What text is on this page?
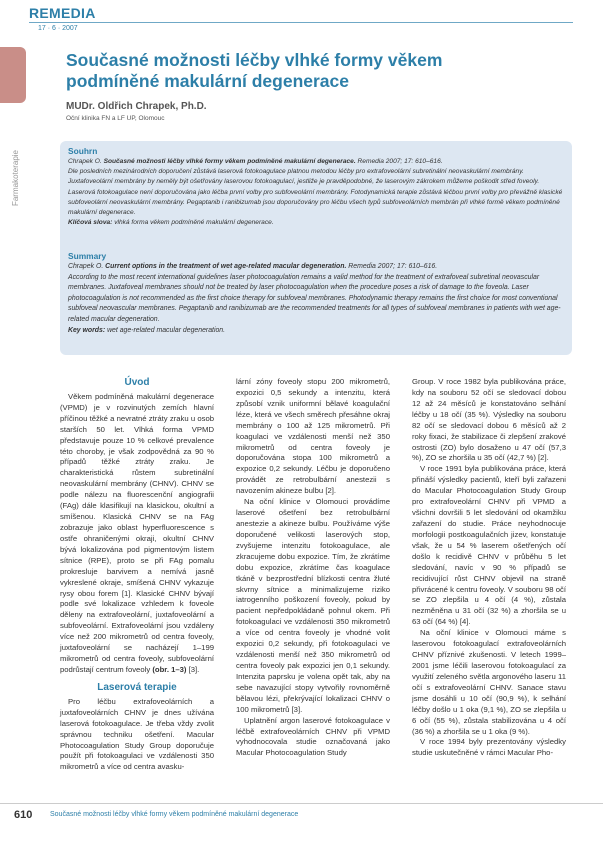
REMEDIA
17 · 6 · 2007
Farmakoterapie
Současné možnosti léčby vlhké formy věkem podmíněné makulární degenerace
MUDr. Oldřich Chrapek, Ph.D.
Oční klinika FN a LF UP, Olomouc
Souhrn
Chrapek O. Současné možnosti léčby vlhké formy věkem podmíněné makulární degenerace. Remedia 2007; 17: 610–616.
Dle posledních mezinárodních doporučení zůstává laserová fotokoagulace platnou metodou léčby pro extrafoveolární subretinální neovaskulární membrány. Juxtafoveolární membrány by neměly být ošetřovány laserovou fotokoagulací, jestliže je pravděpodobné, že laserovým zákrokem můžeme poškodit střed foveoly. Laserová fotokoagulace není doporučována jako léčba první volby pro subfoveolární membrány. Fotodynamická terapie zůstává léčbou první volby pro převážně klasické subfoveolární neovaskulární membrány. Pegaptanib i ranibizumab jsou doporučovány pro léčbu všech typů subfoveolárních membrán při vlhké formě věkem podmíněné makulární degenerace.
Klíčová slova: vlhká forma věkem podmíněné makulární degenerace.
Summary
Chrapek O. Current options in the treatment of wet age-related macular degeneration. Remedia 2007; 17: 610–616.
According to the most recent international guidelines laser photocoagulation remains a valid method for the treatment of extrafoveal subretinal neovascular membranes. Juxtafoveal membranes should not be treated by laser photocoagulation when the procedure poses a risk of damage to the foveola. Laser photocoagulation is not recommended as the first choice therapy for subfoveal membranes. Photodynamic therapy remains the first choice for most conventional subfoveal neovascular membranes. Pegaptanib and ranibizumab are the recommended treatments for all types of subfoveal membranes in patients with wet age-related macular degeneration.
Key words: wet age-related macular degeneration.
Úvod

Věkem podmíněná makulární degenerace (VPMD) je v rozvinutých zemích hlavní příčinou těžké a nevratné ztráty zraku u osob starších 50 let. Vlhká forma VPMD představuje pouze 10 % celkové prevalence této choroby, je však zodpovědná za 90 % případů těžké ztráty zraku. Je charakteristická růstem subretinální neovaskulární membrány (CHNV). CHNV se podle nálezu na fluorescenční angiografii (FAg) dále klasifikují na klasickou, okultní a smíšenou. Klasická CHNV se na FAg zobrazuje jako oblast hyperfluorescence s ostře ohraničenými okraji, okultní CHNV bývá lokalizována pod pigmentovým listem sítnice (RPE), proto se při FAg pomalu prokresluje barvivem a nemívá jasně vykreslené okraje, smíšená CHNV vykazuje rysy obou forem [1]. Klasické CHNV bývají podle své lokalizace vzhledem k foveole děleny na extrafoveolární, juxtafoveolární a subfoveolární. Extrafoveolární jsou vzdáleny více než 200 mikrometrů od centra foveoly, juxtafoveolární se nacházejí 1–199 mikrometrů od centra foveoly, subfoveolární podrůstají centrum foveoly (obr. 1–3) [3].

Laserová terapie

Pro léčbu extrafoveolárních a juxtafoveolárních CHNV je dnes užívána laserová fotokoagulace. Je třeba vždy zvolit správnou techniku ošetření. Macular Photocoagulation Study Group doporučuje použít při fotokoagulaci ve vzdálenosti 350 mikrometrů a více od centra avasku-

lární zóny foveoly stopu 200 mikrometrů, expozici 0,5 sekundy a intenzitu, která způsobí vznik uniformní bělavé koagulační léze, která ve všech směrech přesáhne okraj membrány o 100 až 125 mikrometrů. Při koagulaci ve vzdálenosti menší než 350 mikrometrů od centra foveoly je doporučována stopa 100 mikrometrů a expozice 0,2 sekundy. Léčbu je doporučeno provádět ze retrobulbární anestezii s navozením akineze bulbu [2].

Na oční klinice v Olomouci provádíme laserové ošetření bez retrobulbární anestezie a akineze bulbu. Používáme výše doporučené velikosti laserových stop, zvyšujeme intenzitu fotokoagulace, ale zkracujeme dobu expozice. Tím, že zkrátíme dobu expozice, zkrátíme čas koagulace tkáně v bezprostřední blízkosti centra žluté skvrny sítnice a minimalizujeme riziko iatrogenního poškození foveoly, pokud by pacient nepředpokládaně pohnul okem. Při fotokoagulaci ve vzdálenosti 350 mikrometrů a více od centra foveoly je vhodné volit expozici 0,2 sekundy, při fotokoagulaci ve vzdálenosti menší než 350 mikrometrů od centra foveoly pak expozici jen 0,1 sekundy. Intenzita paprsku je volena opět tak, aby na sebe navazující stopy vytvořily rovnoměrně bělavou lézi, překrývající lokalizaci CHNV o 100 mikrometrů [3].

Uplatnění argon laserové fotokoagulace v léčbě extrafoveolárních CHNV při VPMD vyhodnocovala studie označovaná jako Macular Photocoagulation Study

Group. V roce 1982 byla publikována práce, kdy na souboru 52 očí se sledovací dobou 12 až 24 měsíců je konstatováno selhání léčby u 18 očí (35 %). Výsledky na souboru 82 očí se sledovací dobou 6 měsíců až 2 roky fixaci, že stabilizace či zlepšení zrakové ostrosti (ZO) bylo dosaženo u 47 očí (57,3 %), ZO se zhoršila u 35 očí (42,7 %) [2].

V roce 1991 byla publikována práce, která přináší výsledky pacientů, kteří byli zařazeni do Macular Photocoagulation Study Group pro extrafoveolární CHNV při VPMD a všichni dovršili 5 let sledování od okamžiku zařazení do studie. Práce neyhodnocuje morfologii postkoagulačních jizev, konstatuje však, že u 54 % laserem ošetřených očí došlo k recidivě CHNV v průběhu 5 let sledování, navíc v 90 % případů se recidivující růst CHNV objevil na straně přivrácené k centru foveoly. V souboru 98 očí se ZO zlepšila u 4 očí (4 %), zůstala nezměněna u 31 očí (32 %) a zhoršila se u 63 očí (64 %) [4].

Na oční klinice v Olomouci máme s laserovou fotokoagulací extrafoveolárních CHNV příznivé zkušenosti. V letech 1999–2001 jsme léčili laserovou fotokoagulací za využití zeleného světla argonového laseru 11 očí s extrafoveolární CHNV. Sanace stavu jsme dosáhli u 10 očí (90,9 %), k selhání léčby došlo u 1 oka (9,1 %), ZO se zlepšila u 6 očí (55 %), zůstala stabilizována u 4 očí (36 %) a zhoršila se u 1 oka (9 %).

V roce 1994 byly prezentovány výsledky studie uskutečněné v rámci Macular Pho-

610	Současné možnosti léčby vlhké formy věkem podmíněné makulární degenerace
